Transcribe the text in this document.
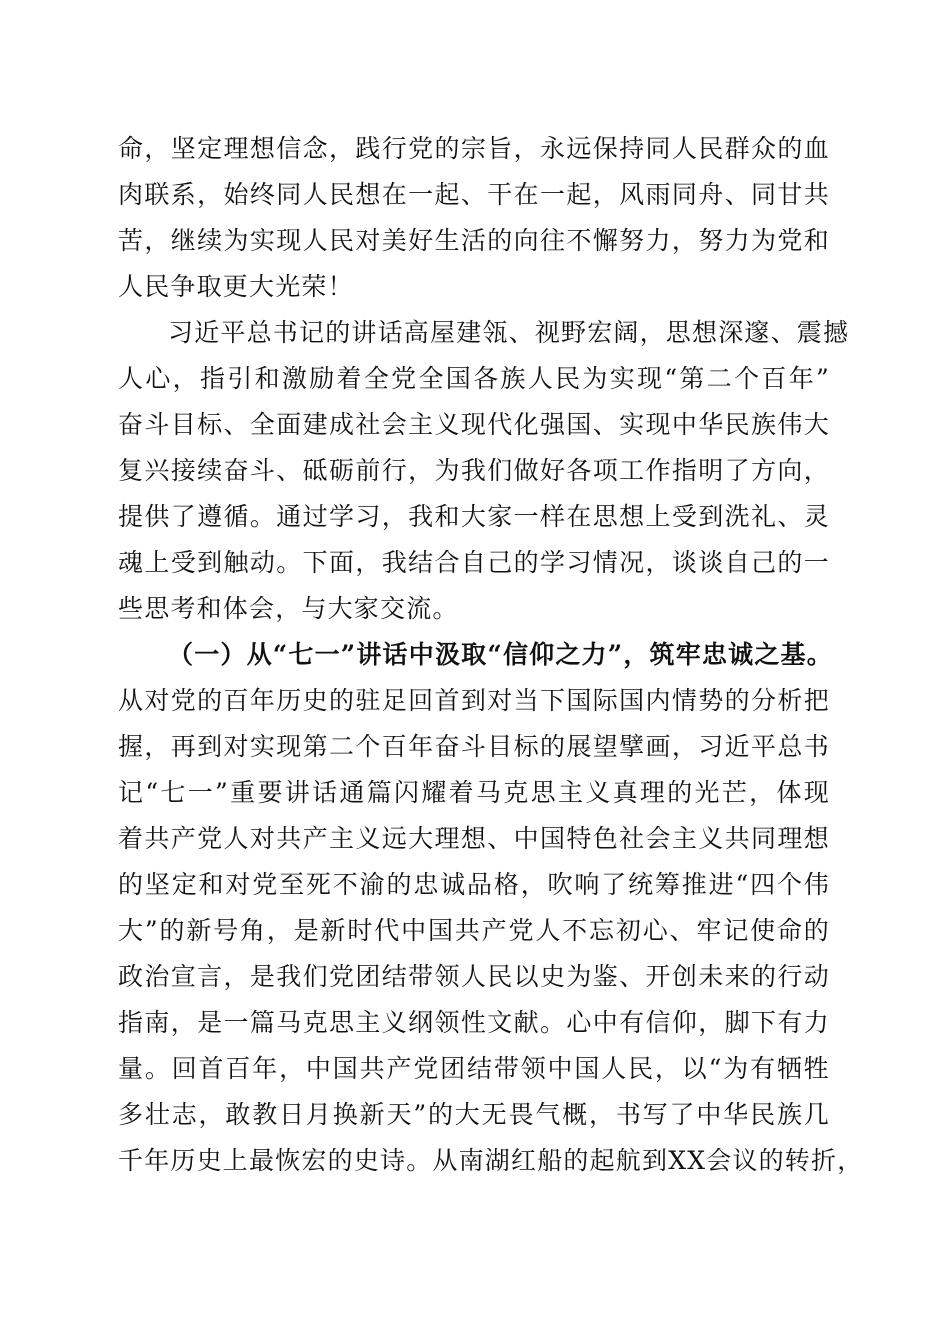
命，坚定理想信念，践行党的宗旨，永远保持同人民群众的血
肉联系，始终同人民想在一起、干在一起，风雨同舟、同甘共
苦，继续为实现人民对美好生活的向往不懈努力，努力为党和
人民争取更大光荣！
习近平总书记的讲话高屋建瓴、视野宏阔，思想深邃、震撼
人心，指引和激励着全党全国各族人民为实现“第二个百年”
奋斗目标、全面建成社会主义现代化强国、实现中华民族伟大
复兴接续奋斗、砥砺前行，为我们做好各项工作指明了方向，
提供了遵循。通过学习，我和大家一样在思想上受到洗礼、灵
魂上受到触动。下面，我结合自己的学习情况，谈谈自己的一
些思考和体会，与大家交流。
（一）从“七一”讲话中汲取“信仰之力”，筑牢忠诚之基。
从对党的百年历史的驻足回首到对当下国际国内情势的分析把
握，再到对实现第二个百年奋斗目标的展望擘画，习近平总书
记“七一”重要讲话通篇闪耀着马克思主义真理的光芒，体现
着共产党人对共产主义远大理想、中国特色社会主义共同理想
的坚定和对党至死不渝的忠诚品格，吹响了统筹推进“四个伟
大”的新号角，是新时代中国共产党人不忘初心、牢记使命的
政治宣言，是我们党团结带领人民以史为鉴、开创未来的行动
指南，是一篇马克思主义纲领性文献。心中有信仰，脚下有力
量。回首百年，中国共产党团结带领中国人民，以“为有牺牲
多壮志，敢教日月换新天”的大无畏气概，书写了中华民族几
千年历史上最恢宏的史诗。从南湖红船的起航到XX会议的转折，
